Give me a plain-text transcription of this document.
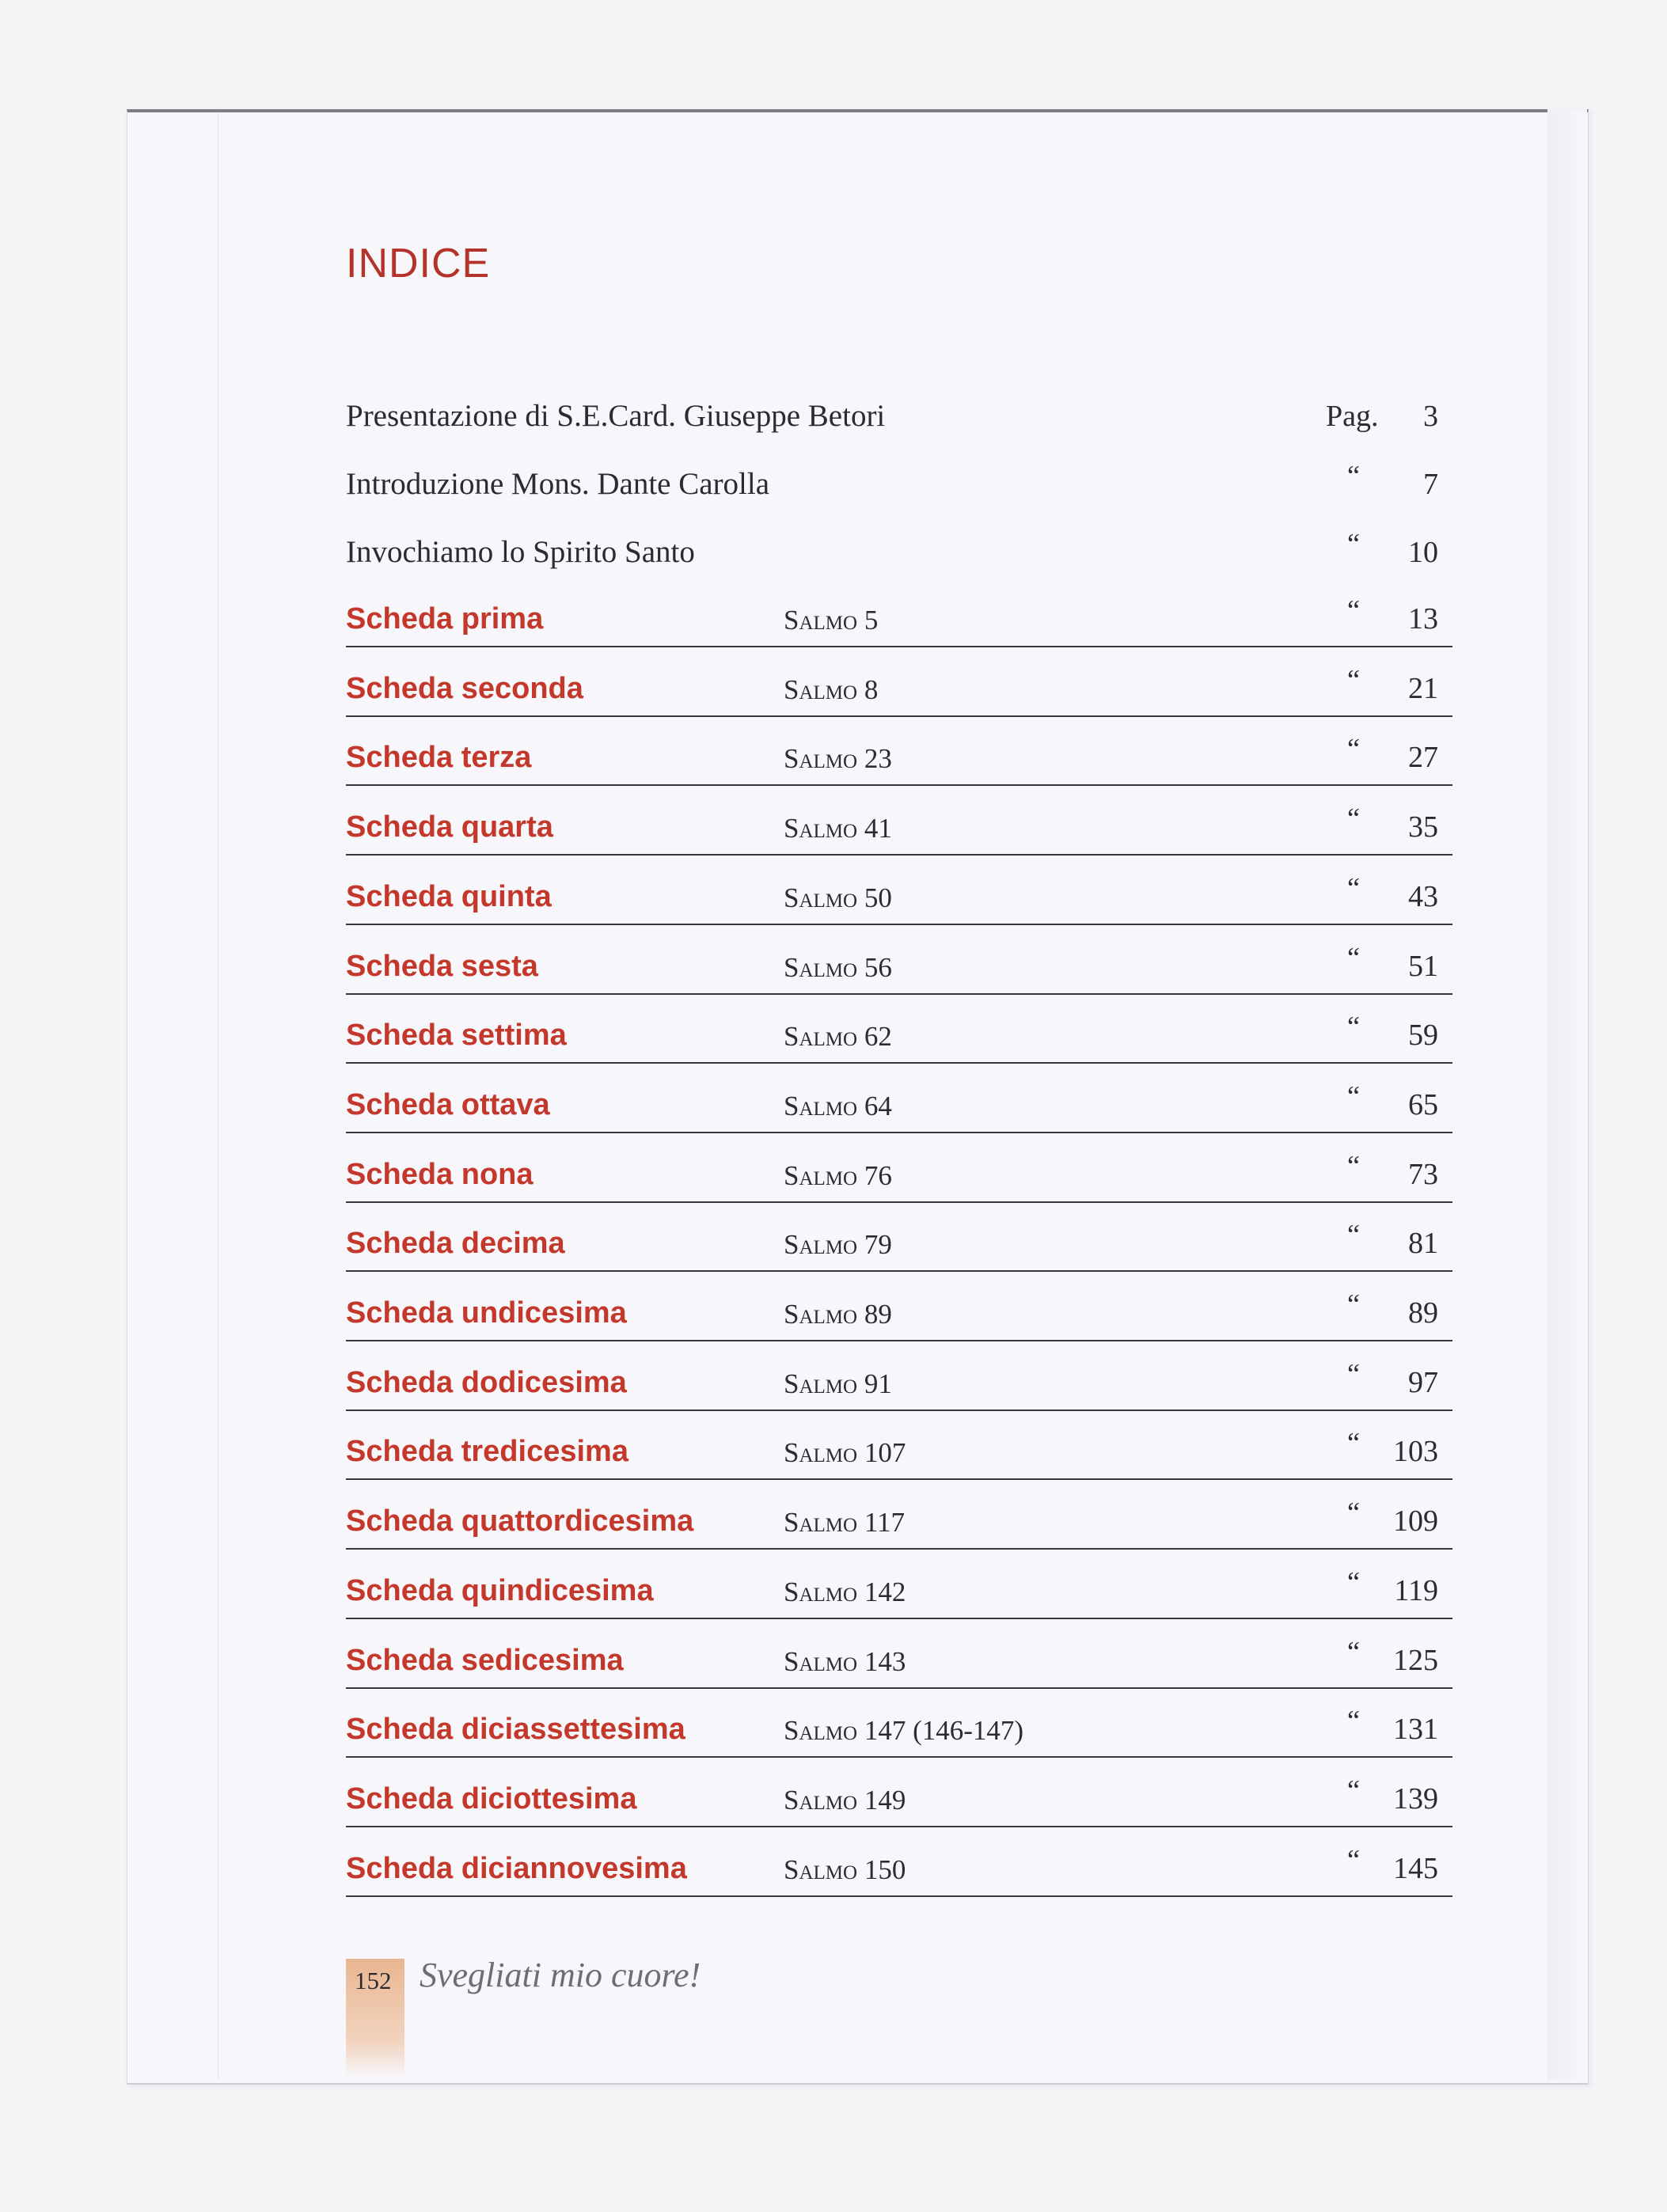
INDICE
Presentazione di S.E.Card. Giuseppe Betori	Pag. 3
Introduzione Mons. Dante Carolla	“ 7
Invochiamo lo Spirito Santo	“ 10
Scheda prima	Salmo 5	“ 13
Scheda seconda	Salmo 8	“ 21
Scheda terza	Salmo 23	“ 27
Scheda quarta	Salmo 41	“ 35
Scheda quinta	Salmo 50	“ 43
Scheda sesta	Salmo 56	“ 51
Scheda settima	Salmo 62	“ 59
Scheda ottava	Salmo 64	“ 65
Scheda nona	Salmo 76	“ 73
Scheda decima	Salmo 79	“ 81
Scheda undicesima	Salmo 89	“ 89
Scheda dodicesima	Salmo 91	“ 97
Scheda tredicesima	Salmo 107	“ 103
Scheda quattordicesima	Salmo 117	“ 109
Scheda quindicesima	Salmo 142	“ 119
Scheda sedicesima	Salmo 143	“ 125
Scheda diciassettesima	Salmo 147 (146-147)	“ 131
Scheda diciottesima	Salmo 149	“ 139
Scheda diciannovesima	Salmo 150	“ 145
152 Svegliati mio cuore!
